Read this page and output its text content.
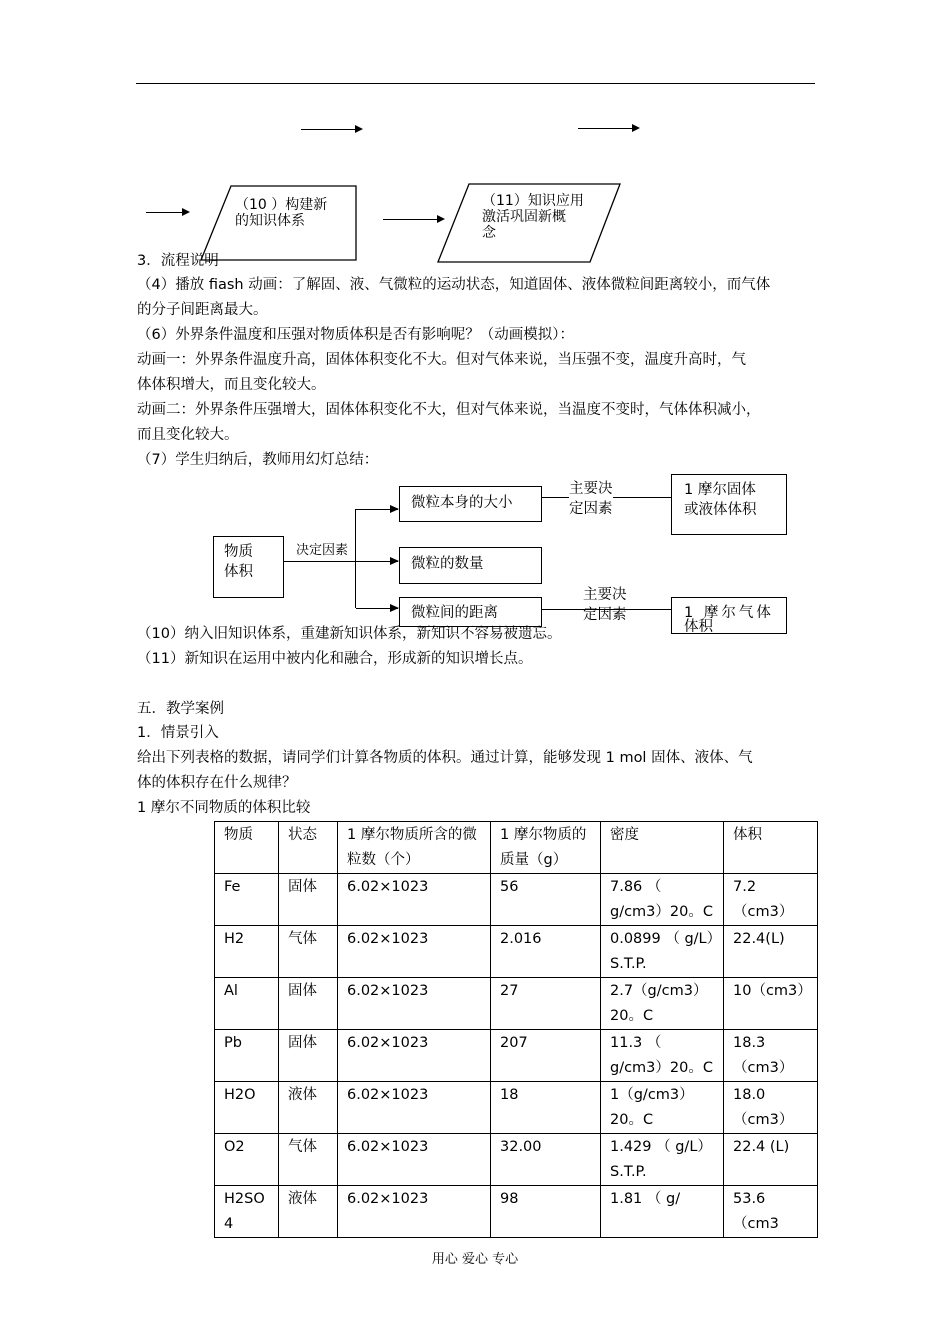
（10 ）构建新
的知识体系
（11）知识应用
激活巩固新概
念
3．流程说明
（4）播放 fiash 动画：了解固、液、气微粒的运动状态，知道固体、液体微粒间距离较小，而气体
的分子间距离最大。
（6）外界条件温度和压强对物质体积是否有影响呢？（动画模拟）：
动画一：外界条件温度升高，固体体积变化不大。但对气体来说，当压强不变，温度升高时，气
体体积增大，而且变化较大。
动画二：外界条件压强增大，固体体积变化不大，但对气体来说，当温度不变时，气体体积减小，
而且变化较大。
（7）学生归纳后，教师用幻灯总结：
物质
体积
决定因素
微粒本身的大小
微粒的数量
微粒间的距离
主要决
定因素
主要决
定因素
1 摩尔固体
或液体体积
1 摩尔气体
体积
（10）纳入旧知识体系，重建新知识体系，新知识不容易被遗忘。
（11）新知识在运用中被内化和融合，形成新的知识增长点。
五．教学案例
1．情景引入
给出下列表格的数据，请同学们计算各物质的体积。通过计算，能够发现 1 mol 固体、液体、气
体的体积存在什么规律？
1 摩尔不同物质的体积比较
物质	状态	1 摩尔物质所含的微粒数（个）	1 摩尔物质的质量（g）	密度	体积
Fe	固体	6.02×1023	56	7.86 （ g/cm3）20。C	7.2（cm3）
H2	气体	6.02×1023	2.016	0.0899 （ g/L）S.T.P.	22.4(L)
Al	固体	6.02×1023	27	2.7（g/cm3）20。C	10（cm3）
Pb	固体	6.02×1023	207	11.3 （ g/cm3）20。C	18.3（cm3）
H2O	液体	6.02×1023	18	1（g/cm3）20。C	18.0（cm3）
O2	气体	6.02×1023	32.00	1.429 （ g/L）S.T.P.	22.4 (L)
H2SO4	液体	6.02×1023	98	1.81 （ g/	53.6（cm3
用心 爱心 专心
